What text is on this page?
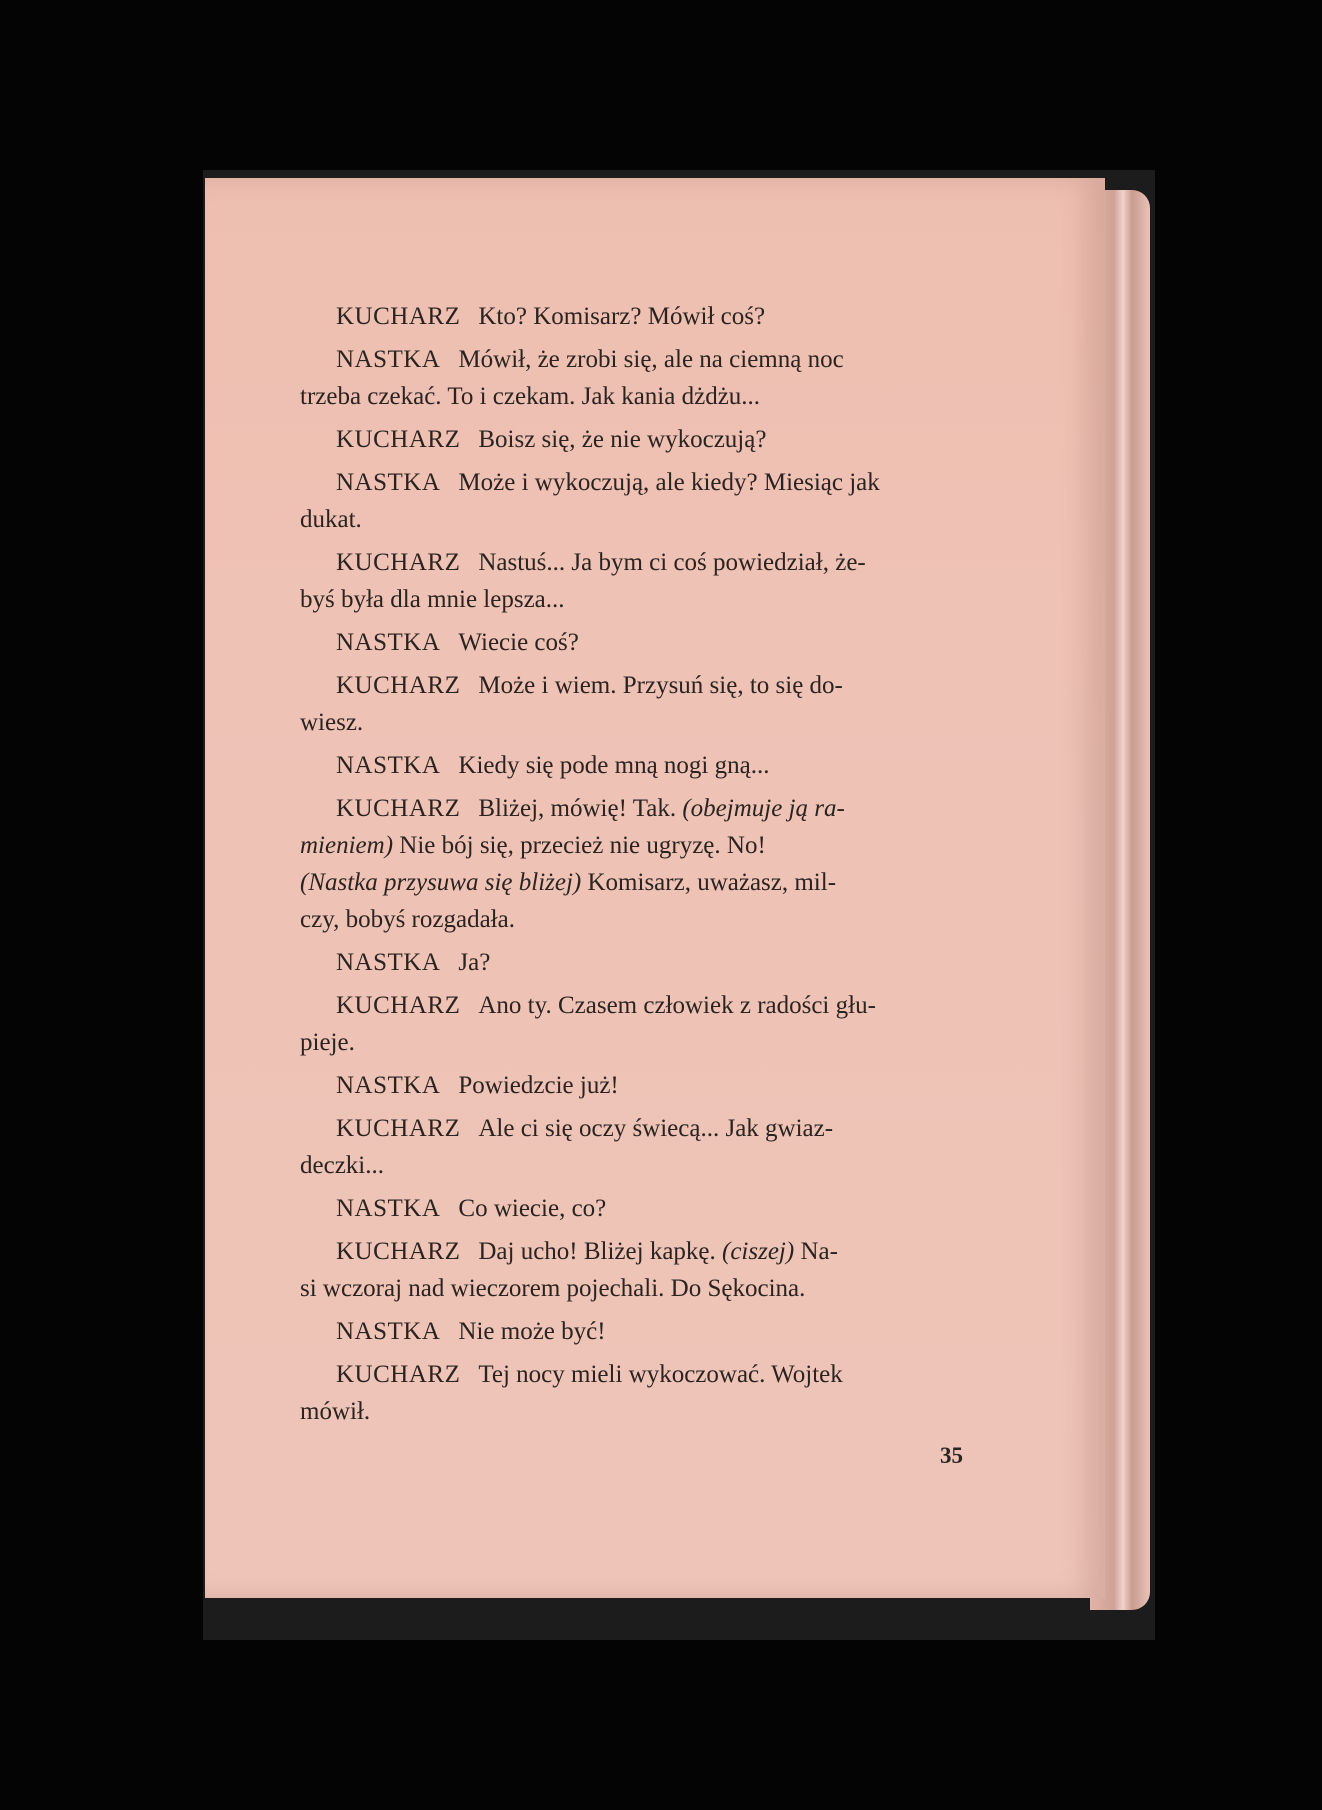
KUCHARZ Kto? Komisarz? Mówił coś?
NASTKA Mówił, że zrobi się, ale na ciemną noc
trzeba czekać. To i czekam. Jak kania dżdżu...
KUCHARZ Boisz się, że nie wykoczują?
NASTKA Może i wykoczują, ale kiedy? Miesiąc jak
dukat.
KUCHARZ Nastuś... Ja bym ci coś powiedział, że-
byś była dla mnie lepsza...
NASTKA Wiecie coś?
KUCHARZ Może i wiem. Przysuń się, to się do-
wiesz.
NASTKA Kiedy się pode mną nogi gną...
KUCHARZ Bliżej, mówię! Tak. (obejmuje ją ra-
mieniem) Nie bój się, przecież nie ugryzę. No!
(Nastka przysuwa się bliżej) Komisarz, uważasz, mil-
czy, bobyś rozgadała.
NASTKA Ja?
KUCHARZ Ano ty. Czasem człowiek z radości głu-
pieje.
NASTKA Powiedzcie już!
KUCHARZ Ale ci się oczy świecą... Jak gwiaz-
deczki...
NASTKA Co wiecie, co?
KUCHARZ Daj ucho! Bliżej kapkę. (ciszej) Na-
si wczoraj nad wieczorem pojechali. Do Sękocina.
NASTKA Nie może być!
KUCHARZ Tej nocy mieli wykoczować. Wojtek
mówił.
35
